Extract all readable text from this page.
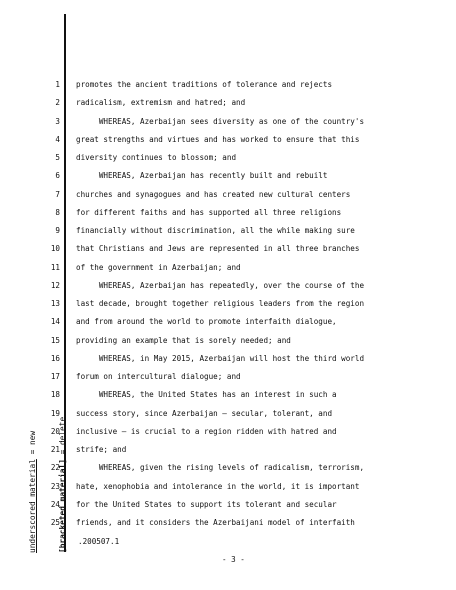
1 promotes the ancient traditions of tolerance and rejects
2 radicalism, extremism and hatred; and
3 WHEREAS, Azerbaijan sees diversity as one of the country's
4 great strengths and virtues and has worked to ensure that this
5 diversity continues to blossom; and
6 WHEREAS, Azerbaijan has recently built and rebuilt
7 churches and synagogues and has created new cultural centers
8 for different faiths and has supported all three religions
9 financially without discrimination, all the while making sure
10 that Christians and Jews are represented in all three branches
11 of the government in Azerbaijan; and
12 WHEREAS, Azerbaijan has repeatedly, over the course of the
13 last decade, brought together religious leaders from the region
14 and from around the world to promote interfaith dialogue,
15 providing an example that is sorely needed; and
16 WHEREAS, in May 2015, Azerbaijan will host the third world
17 forum on intercultural dialogue; and
18 WHEREAS, the United States has an interest in such a
19 success story, since Azerbaijan — secular, tolerant, and
20 inclusive — is crucial to a region ridden with hatred and
21 strife; and
22 WHEREAS, given the rising levels of radicalism, terrorism,
23 hate, xenophobia and intolerance in the world, it is important
24 for the United States to support its tolerant and secular
25 friends, and it considers the Azerbaijani model of interfaith
.200507.1
- 3 -

underscored material = new

[bracketed material] = delete
